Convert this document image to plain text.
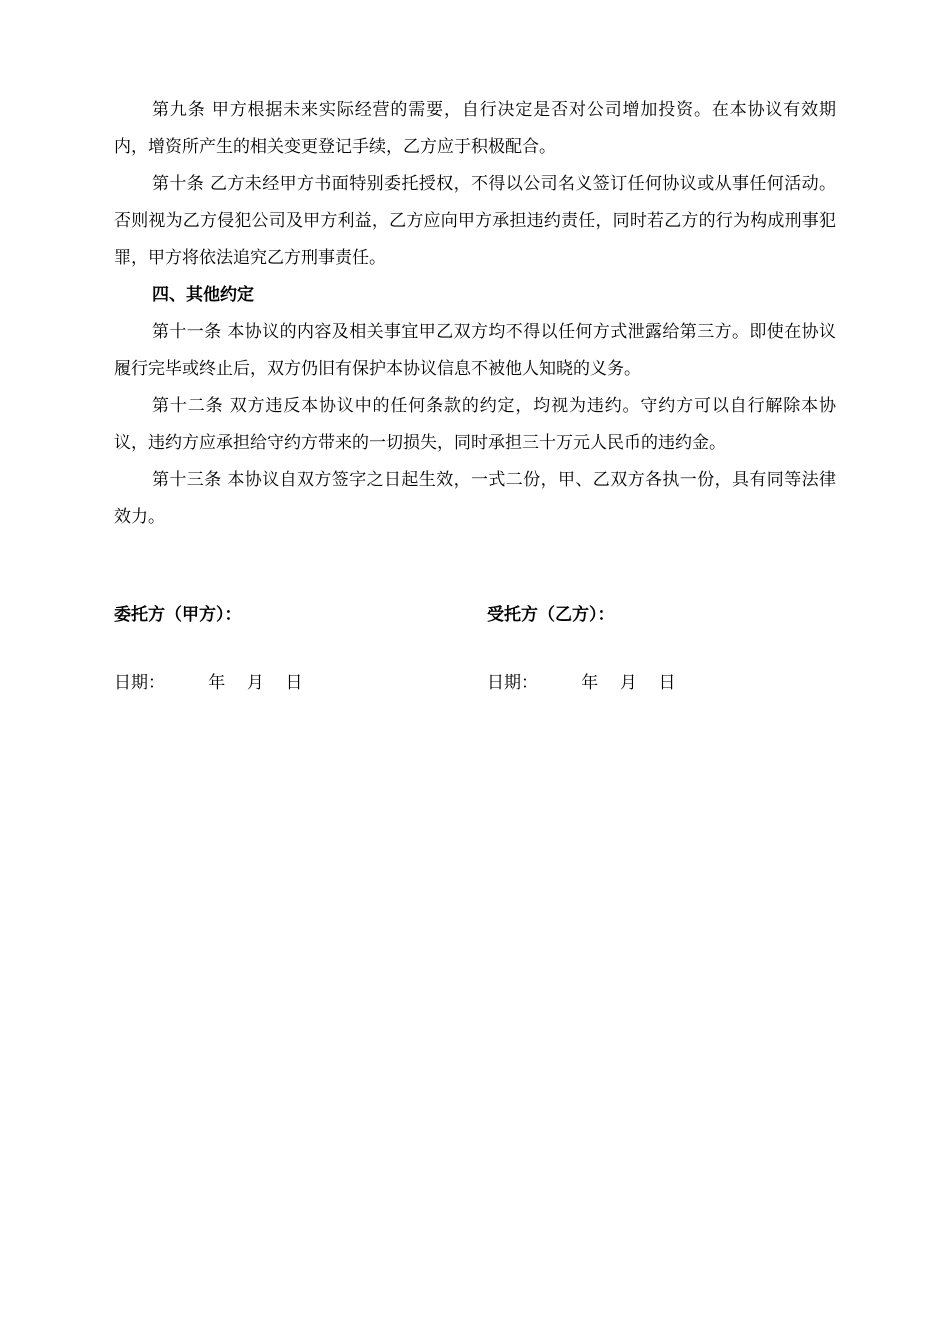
第九条 甲方根据未来实际经营的需要，自行决定是否对公司增加投资。在本协议有效期内，增资所产生的相关变更登记手续，乙方应于积极配合。

第十条 乙方未经甲方书面特别委托授权，不得以公司名义签订任何协议或从事任何活动。否则视为乙方侵犯公司及甲方利益，乙方应向甲方承担违约责任，同时若乙方的行为构成刑事犯罪，甲方将依法追究乙方刑事责任。

四、其他约定

第十一条 本协议的内容及相关事宜甲乙双方均不得以任何方式泄露给第三方。即使在协议履行完毕或终止后，双方仍旧有保护本协议信息不被他人知晓的义务。

第十二条 双方违反本协议中的任何条款的约定，均视为违约。守约方可以自行解除本协议，违约方应承担给守约方带来的一切损失，同时承担三十万元人民币的违约金。

第十三条 本协议自双方签字之日起生效，一式二份，甲、乙双方各执一份，具有同等法律效力。

委托方（甲方）：	受托方（乙方）：
日期：        年    月    日	日期：        年    月    日
